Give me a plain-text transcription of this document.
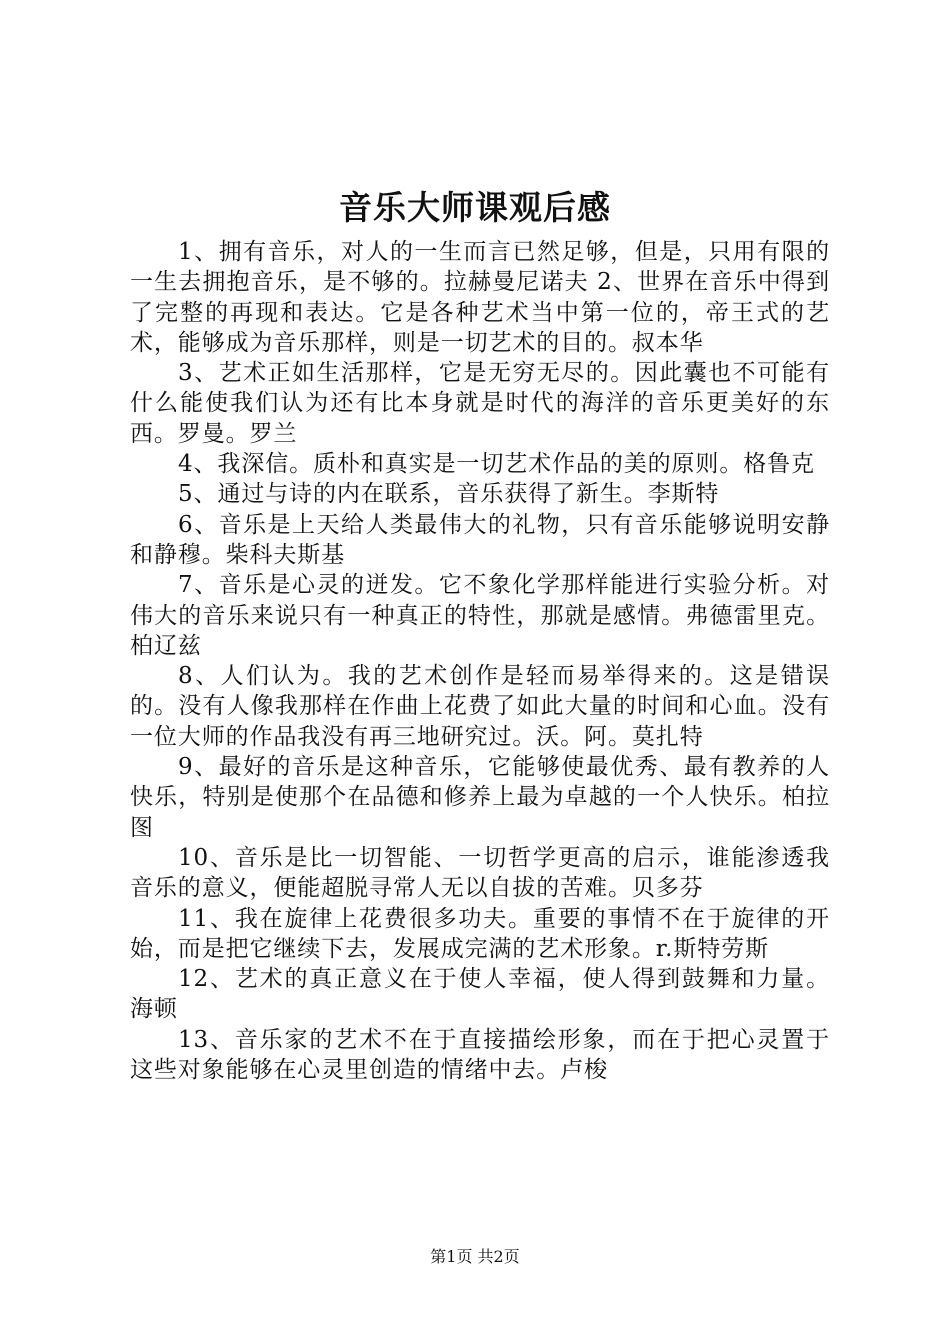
音乐大师课观后感

1、拥有音乐，对人的一生而言已然足够，但是，只用有限的一生去拥抱音乐，是不够的。拉赫曼尼诺夫 2、世界在音乐中得到了完整的再现和表达。它是各种艺术当中第一位的，帝王式的艺术，能够成为音乐那样，则是一切艺术的目的。叔本华

3、艺术正如生活那样，它是无穷无尽的。因此囊也不可能有什么能使我们认为还有比本身就是时代的海洋的音乐更美好的东西。罗曼。罗兰

4、我深信。质朴和真实是一切艺术作品的美的原则。格鲁克

5、通过与诗的内在联系，音乐获得了新生。李斯特

6、音乐是上天给人类最伟大的礼物，只有音乐能够说明安静和静穆。柴科夫斯基

7、音乐是心灵的迸发。它不象化学那样能进行实验分析。对伟大的音乐来说只有一种真正的特性，那就是感情。弗德雷里克。柏辽兹

8、人们认为。我的艺术创作是轻而易举得来的。这是错误的。没有人像我那样在作曲上花费了如此大量的时间和心血。没有一位大师的作品我没有再三地研究过。沃。阿。莫扎特

9、最好的音乐是这种音乐，它能够使最优秀、最有教养的人快乐，特别是使那个在品德和修养上最为卓越的一个人快乐。柏拉图

10、音乐是比一切智能、一切哲学更高的启示，谁能渗透我音乐的意义，便能超脱寻常人无以自拔的苦难。贝多芬

11、我在旋律上花费很多功夫。重要的事情不在于旋律的开始，而是把它继续下去，发展成完满的艺术形象。r.斯特劳斯

12、艺术的真正意义在于使人幸福，使人得到鼓舞和力量。海顿

13、音乐家的艺术不在于直接描绘形象，而在于把心灵置于这些对象能够在心灵里创造的情绪中去。卢梭

第1页 共2页
